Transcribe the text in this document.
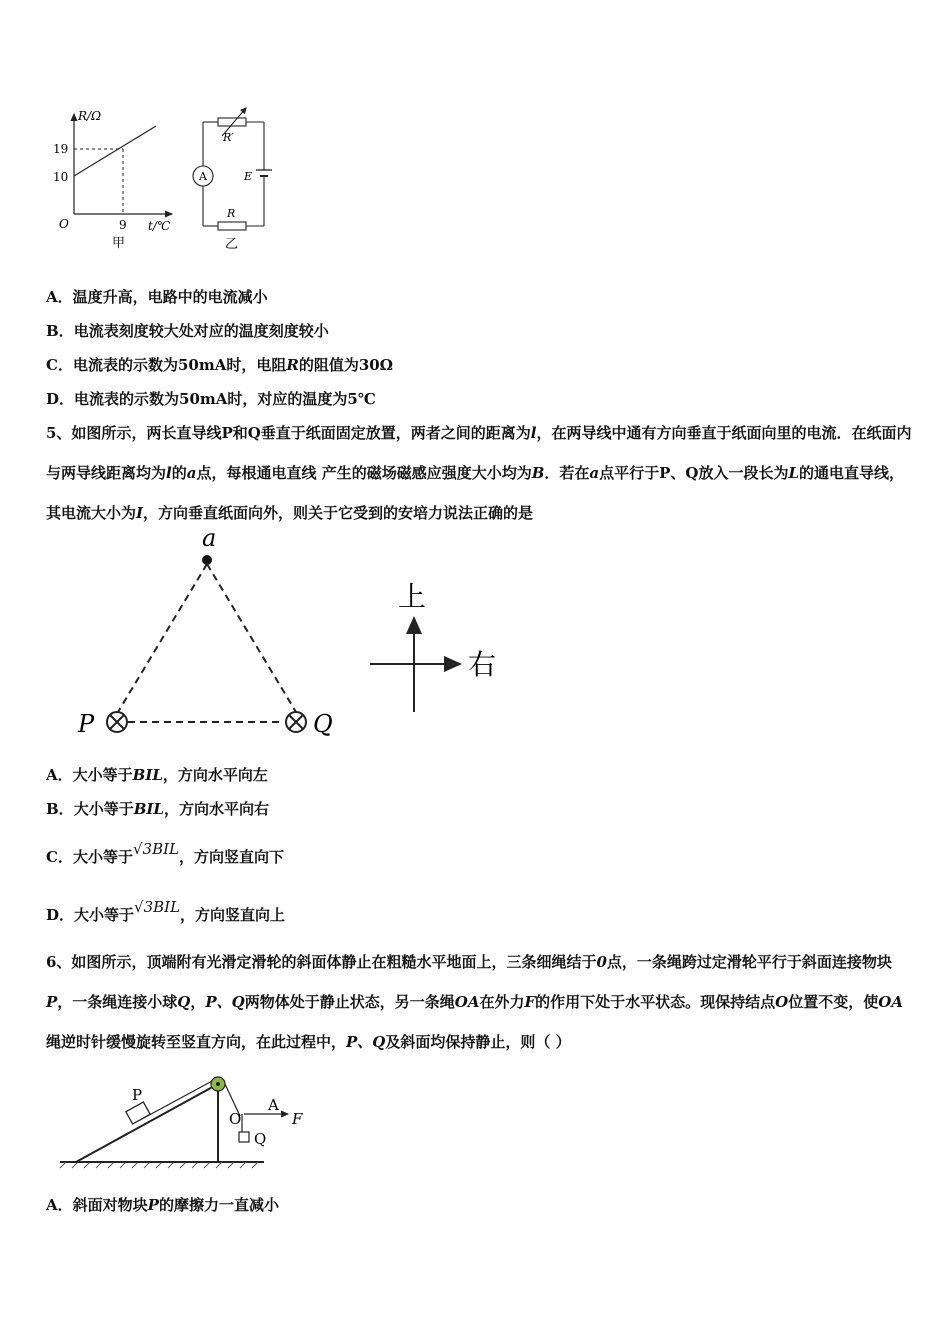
R/Ω
19
10
O	9 t/℃
甲
R′
A	E
R
乙
A．温度升高，电路中的电流减小
B．电流表刻度较大处对应的温度刻度较小
C．电流表的示数为50mA时，电阻R的阻值为30Ω
D．电流表的示数为50mA时，对应的温度为5℃
5、如图所示，两长直导线P和Q垂直于纸面固定放置，两者之间的距离为l，在两导线中通有方向垂直于纸面向里的电流．在纸面内与两导线距离均为l的a点，每根通电直线 产生的磁场磁感应强度大小均为B．若在a点平行于P、Q放入一段长为L的通电直导线，其电流大小为I，方向垂直纸面向外，则关于它受到的安培力说法正确的是
a
P	Q
上
右
A．大小等于BIL，方向水平向左
B．大小等于BIL，方向水平向右
C．大小等于√3BIL，方向竖直向下
D．大小等于√3BIL，方向竖直向上
6、如图所示，顶端附有光滑定滑轮的斜面体静止在粗糙水平地面上，三条细绳结于0点，一条绳跨过定滑轮平行于斜面连接物块P，一条绳连接小球Q，P、Q两物体处于静止状态，另一条绳OA在外力F的作用下处于水平状态。现保持结点O位置不变，使OA绳逆时针缓慢旋转至竖直方向，在此过程中，P、Q及斜面均保持静止，则（ ）
P
O
A
F
Q
A．斜面对物块P的摩擦力一直减小
